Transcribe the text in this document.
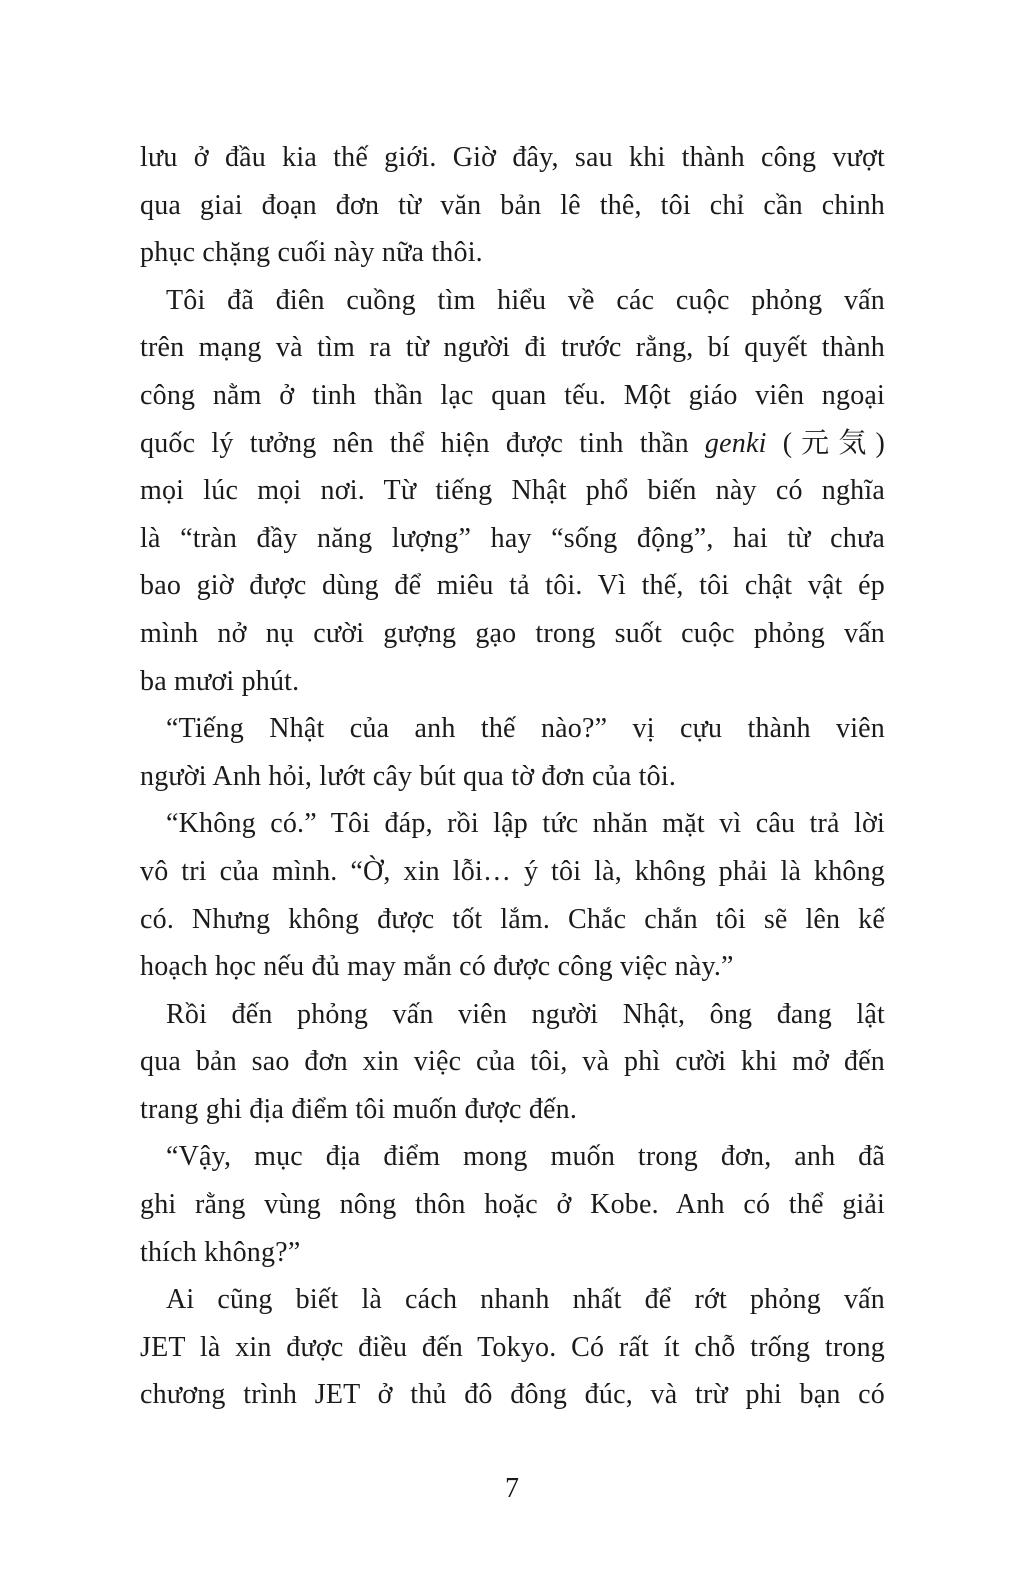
lưu ở đầu kia thế giới. Giờ đây, sau khi thành công vượt
qua giai đoạn đơn từ văn bản lê thê, tôi chỉ cần chinh
phục chặng cuối này nữa thôi.
Tôi đã điên cuồng tìm hiểu về các cuộc phỏng vấn
trên mạng và tìm ra từ người đi trước rằng, bí quyết thành
công nằm ở tinh thần lạc quan tếu. Một giáo viên ngoại
quốc lý tưởng nên thể hiện được tinh thần genki (元気)
mọi lúc mọi nơi. Từ tiếng Nhật phổ biến này có nghĩa
là “tràn đầy năng lượng” hay “sống động”, hai từ chưa
bao giờ được dùng để miêu tả tôi. Vì thế, tôi chật vật ép
mình nở nụ cười gượng gạo trong suốt cuộc phỏng vấn
ba mươi phút.
“Tiếng Nhật của anh thế nào?” vị cựu thành viên
người Anh hỏi, lướt cây bút qua tờ đơn của tôi.
“Không có.” Tôi đáp, rồi lập tức nhăn mặt vì câu trả lời
vô tri của mình. “Ờ, xin lỗi… ý tôi là, không phải là không
có. Nhưng không được tốt lắm. Chắc chắn tôi sẽ lên kế
hoạch học nếu đủ may mắn có được công việc này.”
Rồi đến phỏng vấn viên người Nhật, ông đang lật
qua bản sao đơn xin việc của tôi, và phì cười khi mở đến
trang ghi địa điểm tôi muốn được đến.
“Vậy, mục địa điểm mong muốn trong đơn, anh đã
ghi rằng vùng nông thôn hoặc ở Kobe. Anh có thể giải
thích không?”
Ai cũng biết là cách nhanh nhất để rớt phỏng vấn
JET là xin được điều đến Tokyo. Có rất ít chỗ trống trong
chương trình JET ở thủ đô đông đúc, và trừ phi bạn có
7
